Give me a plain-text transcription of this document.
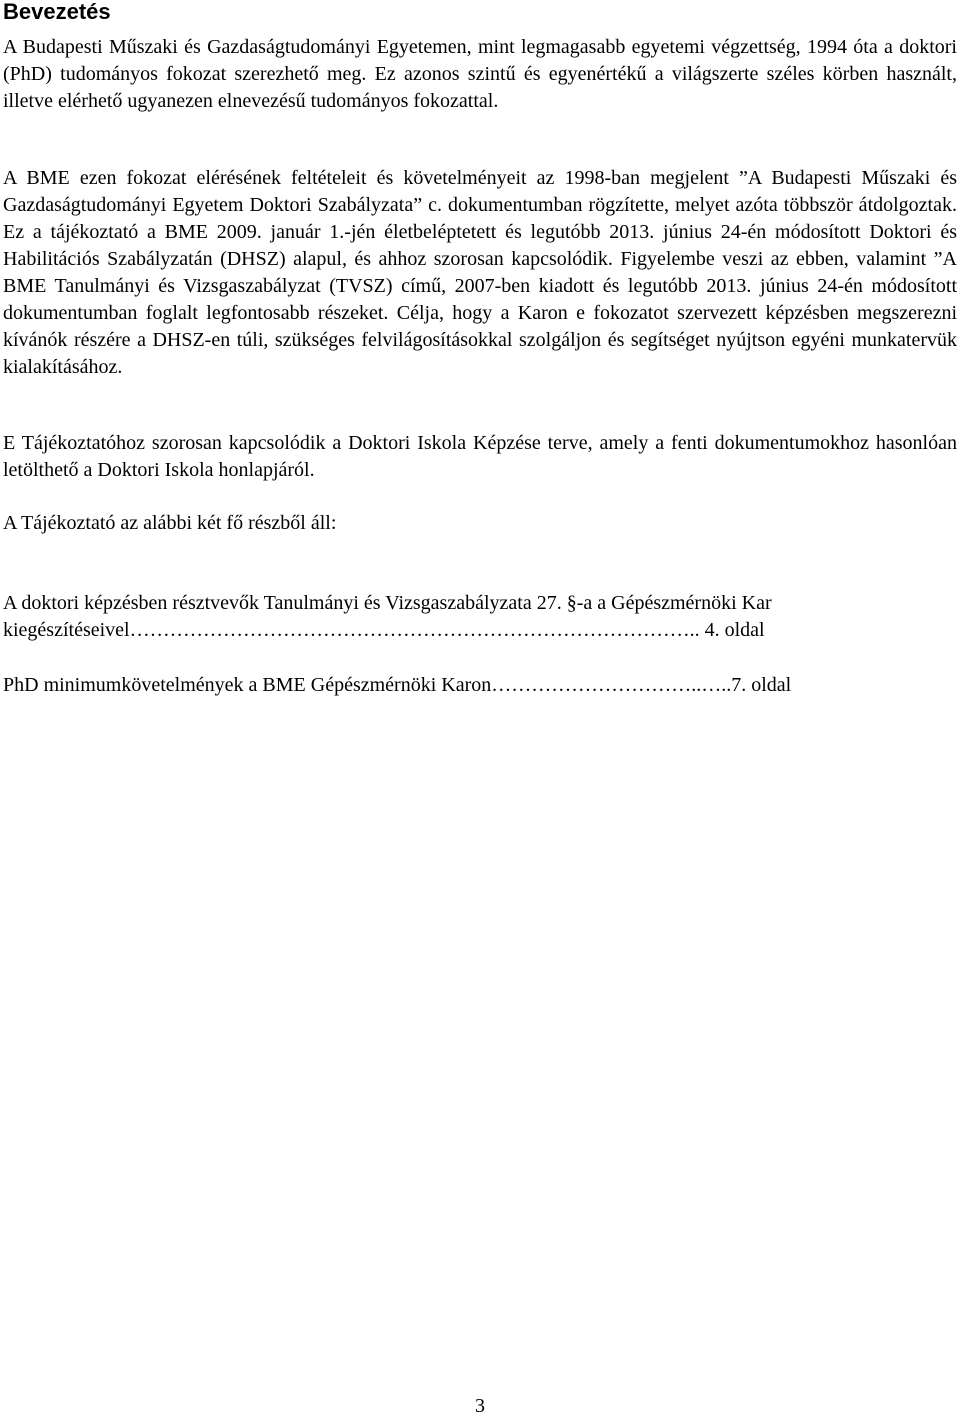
Bevezetés

A Budapesti Műszaki és Gazdaságtudományi Egyetemen, mint legmagasabb egyetemi végzettség, 1994 óta a doktori (PhD) tudományos fokozat szerezhető meg. Ez azonos szintű és egyenértékű a világszerte széles körben használt, illetve elérhető ugyanezen elnevezésű tudományos fokozattal.

A BME ezen fokozat elérésének feltételeit és követelményeit az 1998-ban megjelent ”A Budapesti Műszaki és Gazdaságtudományi Egyetem Doktori Szabályzata” c. dokumentumban rögzítette, melyet azóta többször átdolgoztak. Ez a tájékoztató a BME 2009. január 1.-jén életbeléptetett és legutóbb 2013. június 24-én módosított Doktori és Habilitációs Szabályzatán (DHSZ) alapul, és ahhoz szorosan kapcsolódik. Figyelembe veszi az ebben, valamint ”A BME Tanulmányi és Vizsgaszabályzat (TVSZ) című, 2007-ben kiadott és legutóbb 2013. június 24-én módosított dokumentumban foglalt legfontosabb részeket. Célja, hogy a Karon e fokozatot szervezett képzésben megszerezni kívánók részére a DHSZ-en túli, szükséges felvilágosításokkal szolgáljon és segítséget nyújtson egyéni munkatervük kialakításához.

E Tájékoztatóhoz szorosan kapcsolódik a Doktori Iskola Képzése terve, amely a fenti dokumentumokhoz hasonlóan letölthető a Doktori Iskola honlapjáról.

A Tájékoztató az alábbi két fő részből áll:

A doktori képzésben résztvevők Tanulmányi és Vizsgaszabályzata 27. §-a a Gépészmérnöki Kar
kiegészítéseivel………………………………………………………………………….. 4. oldal
PhD minimumkövetelmények a BME Gépészmérnöki Karon…………………………..…..7. oldal
3
